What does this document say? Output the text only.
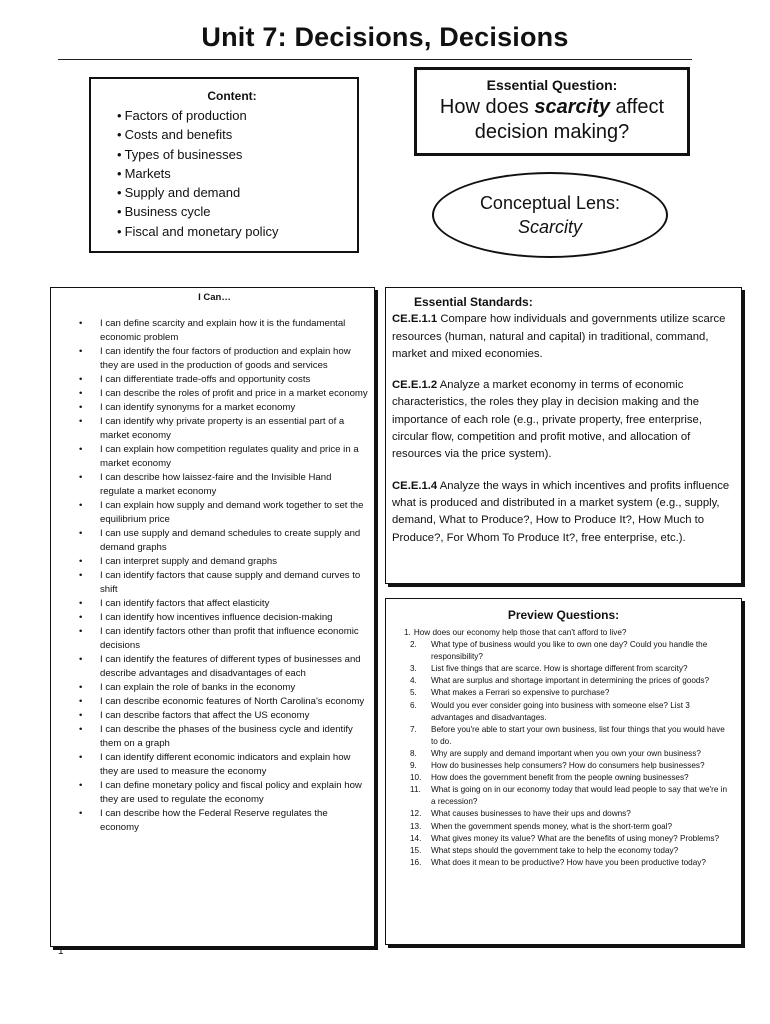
Unit 7: Decisions, Decisions
Content:
• Factors of production
• Costs and benefits
• Types of businesses
• Markets
• Supply and demand
• Business cycle
• Fiscal and monetary policy
Essential Question:
How does scarcity affect decision making?
Conceptual Lens:
Scarcity
I Can…
• I can define scarcity and explain how it is the fundamental economic problem
• I can identify the four factors of production and explain how they are used in the production of goods and services
• I can differentiate trade-offs and opportunity costs
• I can describe the roles of profit and price in a market economy
• I can identify synonyms for a market economy
• I can identify why private property is an essential part of a market economy
• I can explain how competition regulates quality and price in a market economy
• I can describe how laissez-faire and the Invisible Hand regulate a market economy
• I can explain how supply and demand work together to set the equilibrium price
• I can use supply and demand schedules to create supply and demand graphs
• I can interpret supply and demand graphs
• I can identify factors that cause supply and demand curves to shift
• I can identify factors that affect elasticity
• I can identify how incentives influence decision-making
• I can identify factors other than profit that influence economic decisions
• I can identify the features of different types of businesses and describe advantages and disadvantages of each
• I can explain the role of banks in the economy
• I can describe economic features of North Carolina's economy
• I can describe factors that affect the US economy
• I can describe the phases of the business cycle and identify them on a graph
• I can identify different economic indicators and explain how they are used to measure the economy
• I can define monetary policy and fiscal policy and explain how they are used to regulate the economy
• I can describe how the Federal Reserve regulates the economy
Essential Standards:

CE.E.1.1 Compare how individuals and governments utilize scarce resources (human, natural and capital) in traditional, command, market and mixed economies.

CE.E.1.2 Analyze a market economy in terms of economic characteristics, the roles they play in decision making and the importance of each role (e.g., private property, free enterprise, circular flow, competition and profit motive, and allocation of resources via the price system).

CE.E.1.4 Analyze the ways in which incentives and profits influence what is produced and distributed in a market system (e.g., supply, demand, What to Produce?, How to Produce It?, How Much to Produce?, For Whom To Produce It?, free enterprise, etc.).

Preview Questions:
1. How does our economy help those that can't afford to live?
2. What type of business would you like to own one day? Could you handle the responsibility?
3. List five things that are scarce. How is shortage different from scarcity?
4. What are surplus and shortage important in determining the prices of goods?
5. What makes a Ferrari so expensive to purchase?
6. Would you ever consider going into business with someone else? List 3 advantages and disadvantages.
7. Before you're able to start your own business, list four things that you would have to do.
8. Why are supply and demand important when you own your own business?
9. How do businesses help consumers? How do consumers help businesses?
10. How does the government benefit from the people owning businesses?
11. What is going on in our economy today that would lead people to say that we're in a recession?
12. What causes businesses to have their ups and downs?
13. When the government spends money, what is the short-term goal?
14. What gives money its value? What are the benefits of using money? Problems?
15. What steps should the government take to help the economy today?
16. What does it mean to be productive? How have you been productive today?
1
